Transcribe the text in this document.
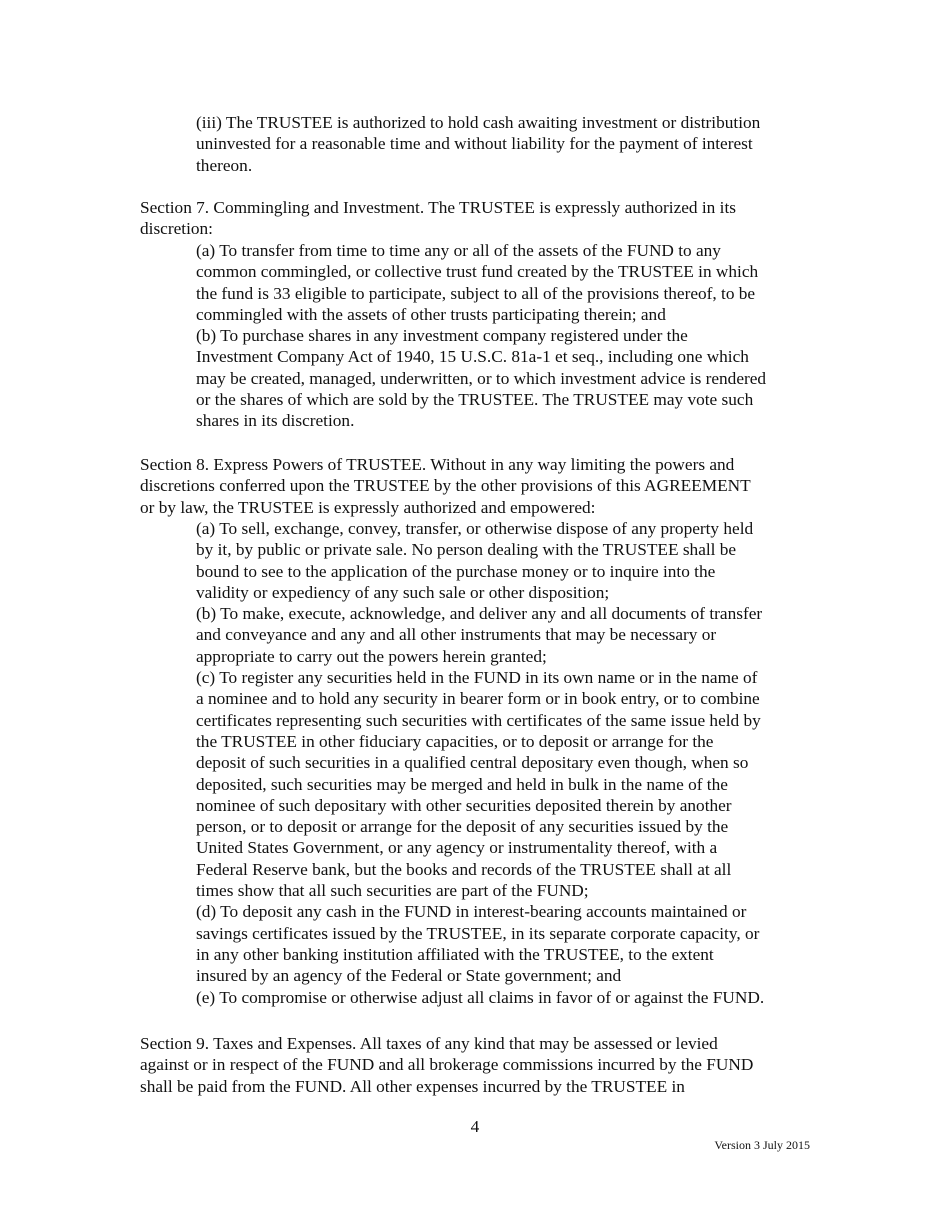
(iii) The TRUSTEE is authorized to hold cash awaiting investment or distribution
uninvested for a reasonable time and without liability for the payment of interest
thereon.
Section 7. Commingling and Investment. The TRUSTEE is expressly authorized in its
discretion:
(a) To transfer from time to time any or all of the assets of the FUND to any
common commingled, or collective trust fund created by the TRUSTEE in which
the fund is 33 eligible to participate, subject to all of the provisions thereof, to be
commingled with the assets of other trusts participating therein; and
(b) To purchase shares in any investment company registered under the
Investment Company Act of 1940, 15 U.S.C. 81a-1 et seq., including one which
may be created, managed, underwritten, or to which investment advice is rendered
or the shares of which are sold by the TRUSTEE. The TRUSTEE may vote such
shares in its discretion.
Section 8. Express Powers of TRUSTEE. Without in any way limiting the powers and
discretions conferred upon the TRUSTEE by the other provisions of this AGREEMENT
or by law, the TRUSTEE is expressly authorized and empowered:
(a) To sell, exchange, convey, transfer, or otherwise dispose of any property held
by it, by public or private sale. No person dealing with the TRUSTEE shall be
bound to see to the application of the purchase money or to inquire into the
validity or expediency of any such sale or other disposition;
(b) To make, execute, acknowledge, and deliver any and all documents of transfer
and conveyance and any and all other instruments that may be necessary or
appropriate to carry out the powers herein granted;
(c) To register any securities held in the FUND in its own name or in the name of
a nominee and to hold any security in bearer form or in book entry, or to combine
certificates representing such securities with certificates of the same issue held by
the TRUSTEE in other fiduciary capacities, or to deposit or arrange for the
deposit of such securities in a qualified central depositary even though, when so
deposited, such securities may be merged and held in bulk in the name of the
nominee of such depositary with other securities deposited therein by another
person, or to deposit or arrange for the deposit of any securities issued by the
United States Government, or any agency or instrumentality thereof, with a
Federal Reserve bank, but the books and records of the TRUSTEE shall at all
times show that all such securities are part of the FUND;
(d) To deposit any cash in the FUND in interest-bearing accounts maintained or
savings certificates issued by the TRUSTEE, in its separate corporate capacity, or
in any other banking institution affiliated with the TRUSTEE, to the extent
insured by an agency of the Federal or State government; and
(e) To compromise or otherwise adjust all claims in favor of or against the FUND.
Section 9. Taxes and Expenses. All taxes of any kind that may be assessed or levied
against or in respect of the FUND and all brokerage commissions incurred by the FUND
shall be paid from the FUND. All other expenses incurred by the TRUSTEE in
4
Version 3 July 2015
